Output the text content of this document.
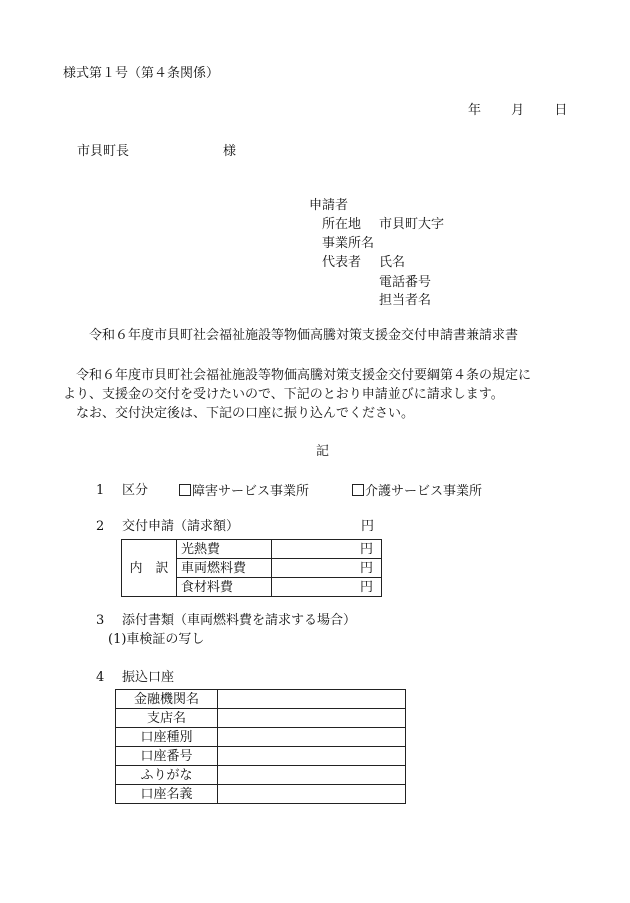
様式第１号（第４条関係）
年 月 日
市貝町長	様
申請者
所在地 市貝町大字
事業所名
代表者 氏名
電話番号
担当者名
令和６年度市貝町社会福祉施設等物価高騰対策支援金交付申請書兼請求書
令和６年度市貝町社会福祉施設等物価高騰対策支援金交付要綱第４条の規定に
より、支援金の交付を受けたいので、下記のとおり申請並びに請求します。
なお、交付決定後は、下記の口座に振り込んでください。
記
1 区分	障害サービス事業所	介護サービス事業所
2 交付申請（請求額）	円
内　訳	光熱費	円
	車両燃料費	円
	食材料費	円
3 添付書類（車両燃料費を請求する場合）
(1)車検証の写し
4 振込口座
金融機関名	
支店名	
口座種別	
口座番号	
ふりがな	
口座名義	
